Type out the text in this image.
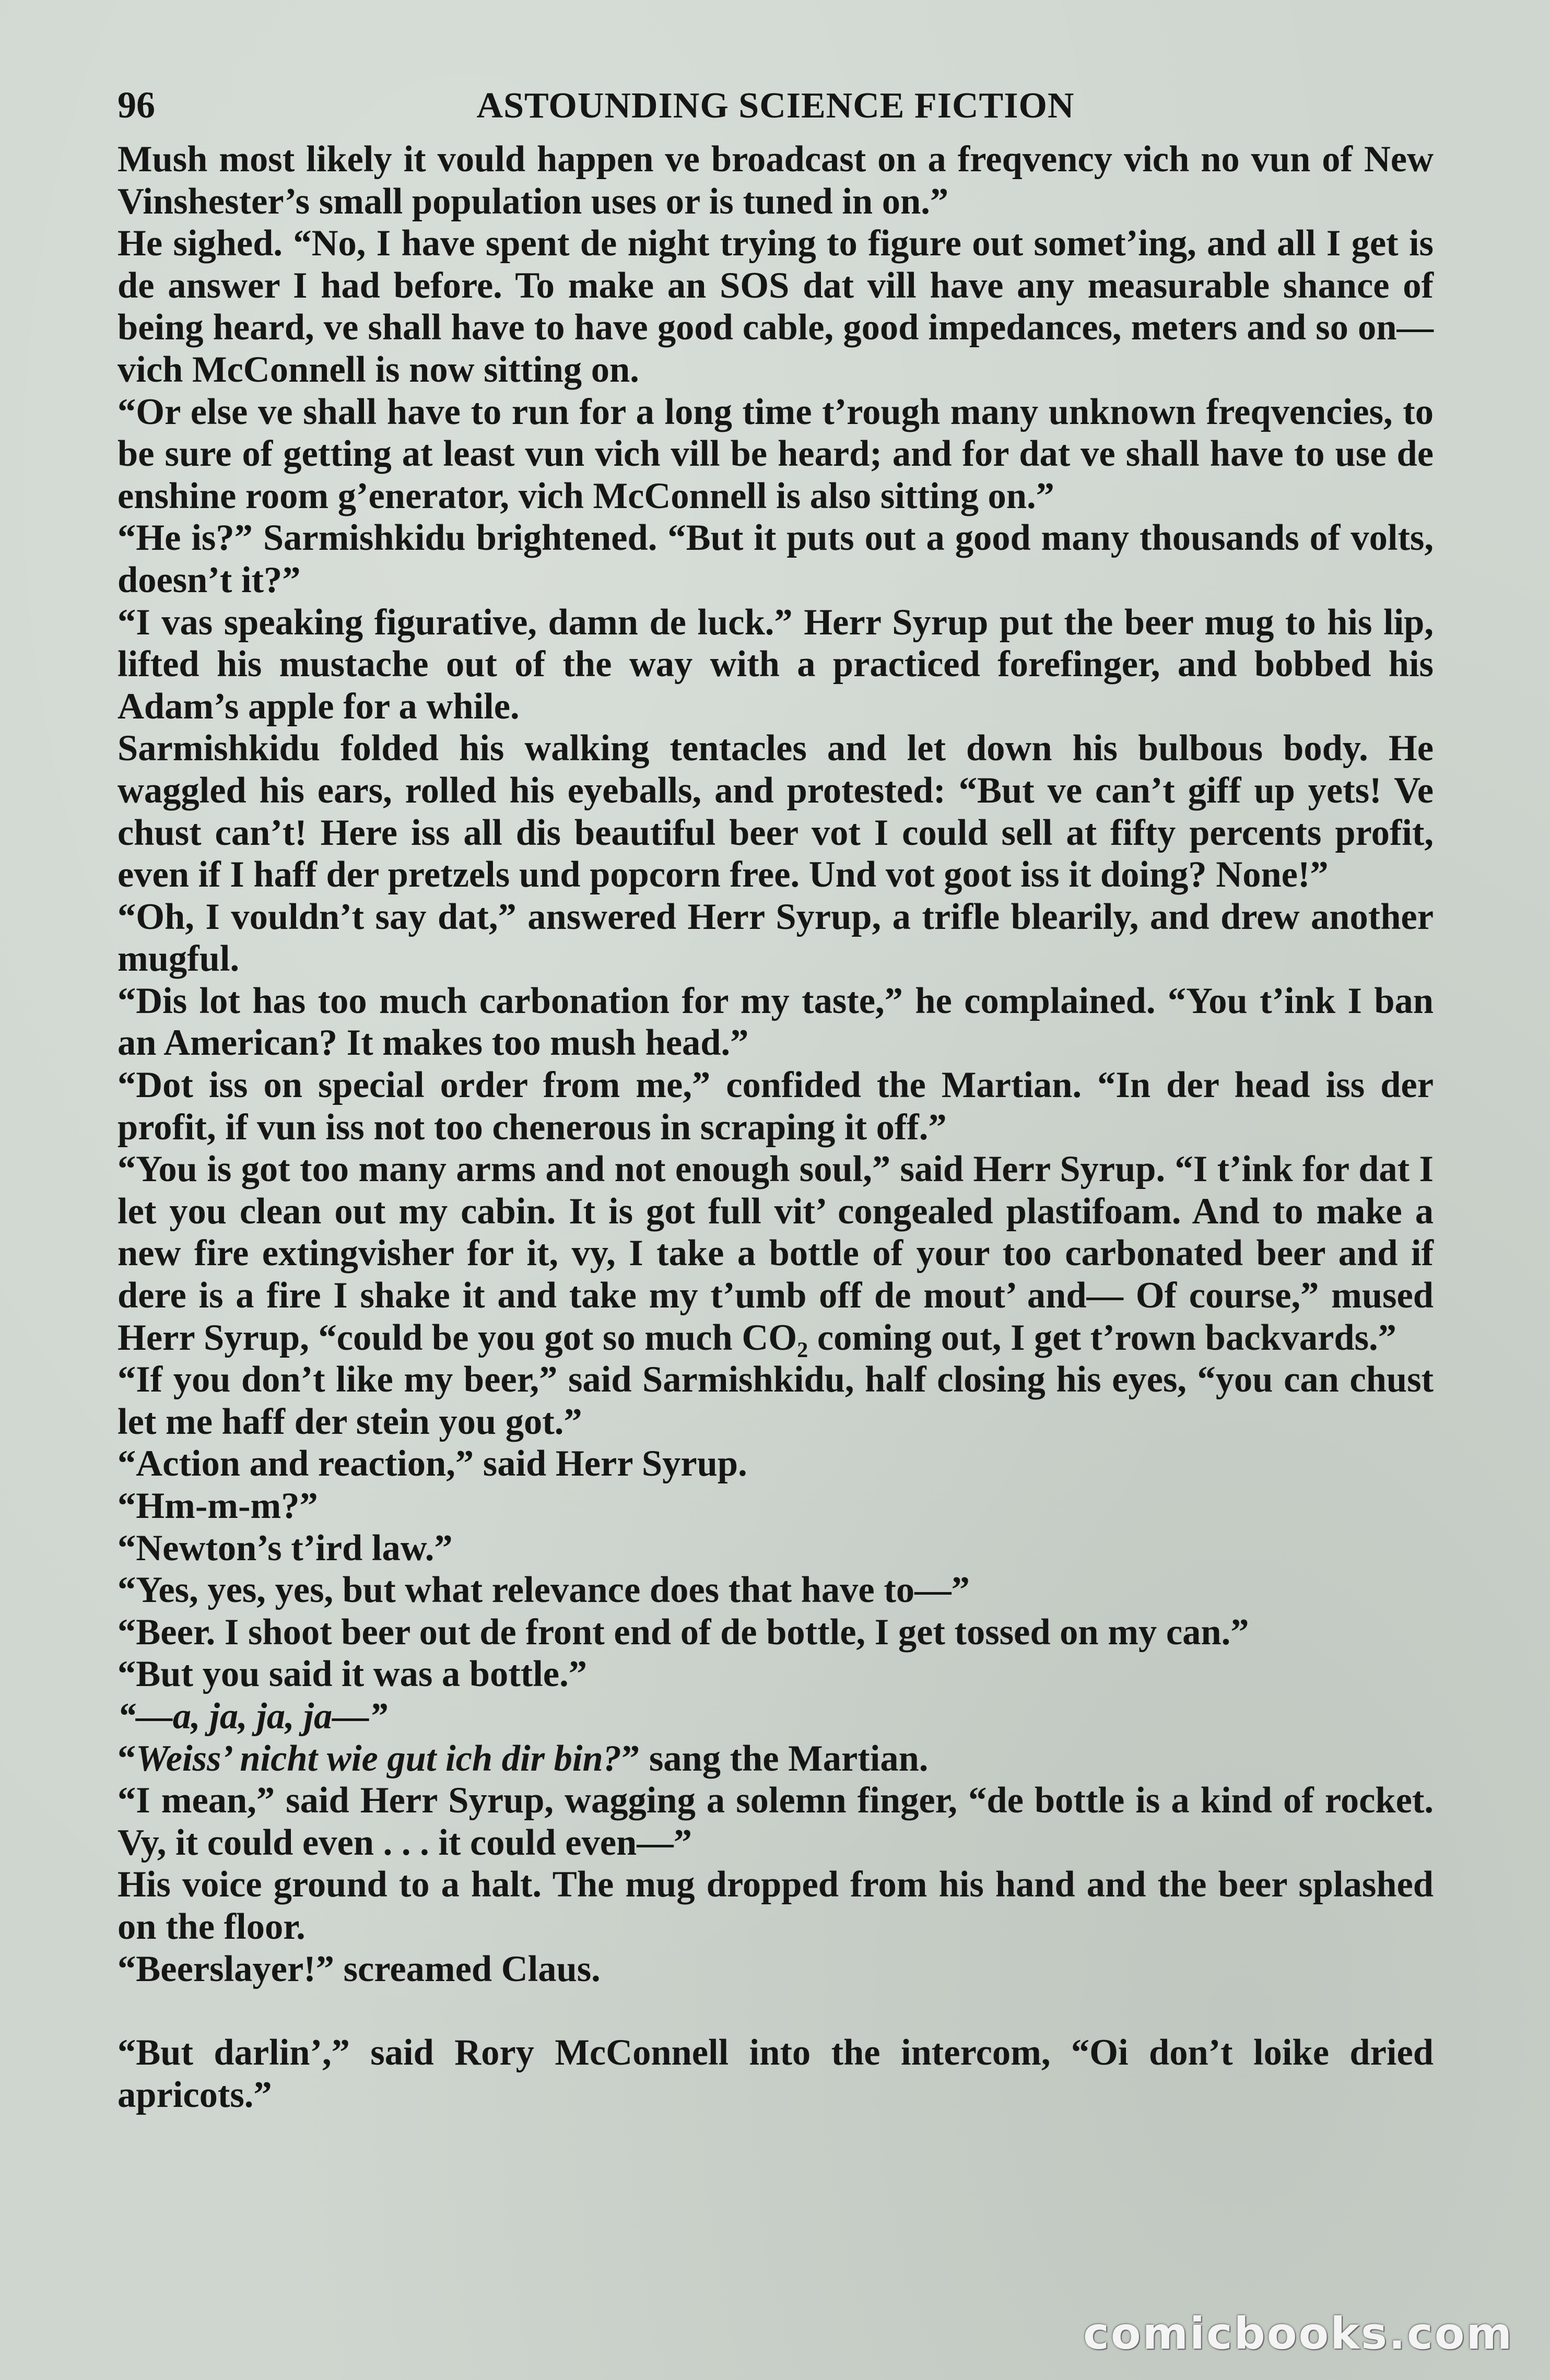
96	ASTOUNDING SCIENCE FICTION

Mush most likely it vould happen ve broadcast on a freqvency vich no vun of New Vinshester’s small population uses or is tuned in on.”

He sighed. “No, I have spent de night trying to figure out somet’ing, and all I get is de answer I had before. To make an SOS dat vill have any measurable shance of being heard, ve shall have to have good cable, good impedances, meters and so on—vich McConnell is now sitting on.

“Or else ve shall have to run for a long time t’rough many unknown freqvencies, to be sure of getting at least vun vich vill be heard; and for dat ve shall have to use de enshine room g’enerator, vich McConnell is also sitting on.”

“He is?” Sarmishkidu brightened. “But it puts out a good many thousands of volts, doesn’t it?”

“I vas speaking figurative, damn de luck.” Herr Syrup put the beer mug to his lip, lifted his mustache out of the way with a practiced forefinger, and bobbed his Adam’s apple for a while.

Sarmishkidu folded his walking tentacles and let down his bulbous body. He waggled his ears, rolled his eyeballs, and protested: “But ve can’t giff up yets! Ve chust can’t! Here iss all dis beautiful beer vot I could sell at fifty percents profit, even if I haff der pretzels und popcorn free. Und vot goot iss it doing? None!”

“Oh, I vouldn’t say dat,” answered Herr Syrup, a trifle blearily, and drew another mugful.

“Dis lot has too much carbonation for my taste,” he complained. “You t’ink I ban an American? It makes too mush head.”

“Dot iss on special order from me,” confided the Martian. “In der head iss der profit, if vun iss not too chenerous in scraping it off.”

“You is got too many arms and not enough soul,” said Herr Syrup. “I t’ink for dat I let you clean out my cabin. It is got full vit’ congealed plastifoam. And to make a new fire extingvisher for it, vy, I take a bottle of your too carbonated beer and if dere is a fire I shake it and take my t’umb off de mout’ and— Of course,” mused Herr Syrup, “could be you got so much CO₂ coming out, I get t’rown backvards.”

“If you don’t like my beer,” said Sarmishkidu, half closing his eyes, “you can chust let me haff der stein you got.”

“Action and reaction,” said Herr Syrup.

“Hm-m-m?”

“Newton’s t’ird law.”

“Yes, yes, yes, but what relevance does that have to—”

“Beer. I shoot beer out de front end of de bottle, I get tossed on my can.”

“But you said it was a bottle.”

“—a, ja, ja, ja—”

“Weiss’ nicht wie gut ich dir bin?” sang the Martian.

“I mean,” said Herr Syrup, wagging a solemn finger, “de bottle is a kind of rocket. Vy, it could even . . . it could even—”

His voice ground to a halt. The mug dropped from his hand and the beer splashed on the floor.

“Beerslayer!” screamed Claus.

“But darlin’,” said Rory McConnell into the intercom, “Oi don’t loike dried apricots.”

comicbooks.com
